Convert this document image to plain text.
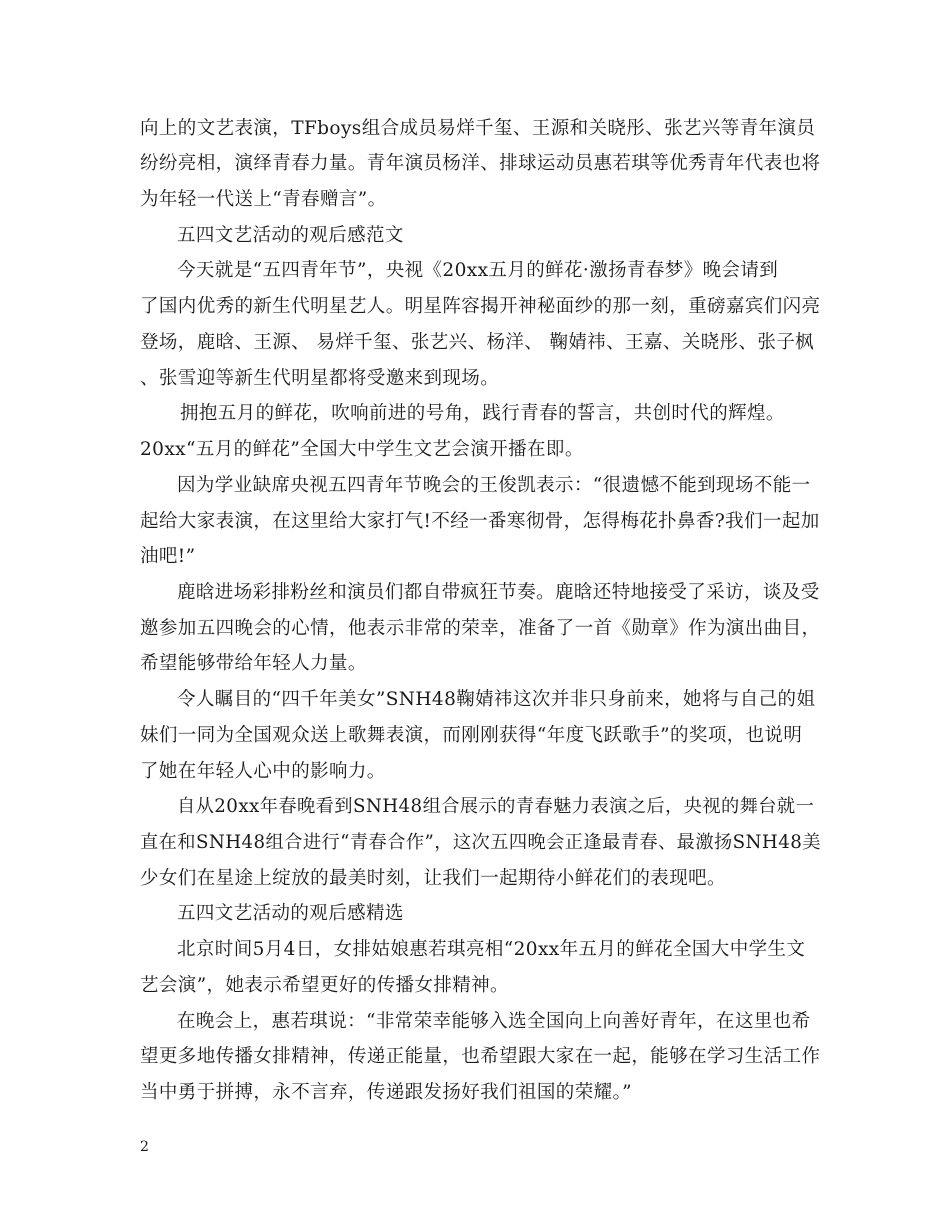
向上的文艺表演，TFboys组合成员易烊千玺、王源和关晓彤、张艺兴等青年演员
纷纷亮相，演绎青春力量。青年演员杨洋、排球运动员惠若琪等优秀青年代表也将
为年轻一代送上“青春赠言”。
五四文艺活动的观后感范文
今天就是“五四青年节”，央视《20xx五月的鲜花·激扬青春梦》晚会请到
了国内优秀的新生代明星艺人。明星阵容揭开神秘面纱的那一刻，重磅嘉宾们闪亮
登场，鹿晗、王源、 易烊千玺、张艺兴、杨洋、 鞠婧祎、王嘉、关晓彤、张子枫
、张雪迎等新生代明星都将受邀来到现场。
拥抱五月的鲜花，吹响前进的号角，践行青春的誓言，共创时代的辉煌。
20xx“五月的鲜花”全国大中学生文艺会演开播在即。
因为学业缺席央视五四青年节晚会的王俊凯表示：“很遗憾不能到现场不能一
起给大家表演，在这里给大家打气!不经一番寒彻骨，怎得梅花扑鼻香?我们一起加
油吧!”
鹿晗进场彩排粉丝和演员们都自带疯狂节奏。鹿晗还特地接受了采访，谈及受
邀参加五四晚会的心情，他表示非常的荣幸，准备了一首《勋章》作为演出曲目，
希望能够带给年轻人力量。
令人瞩目的“四千年美女”SNH48鞠婧祎这次并非只身前来，她将与自己的姐
妹们一同为全国观众送上歌舞表演，而刚刚获得“年度飞跃歌手”的奖项，也说明
了她在年轻人心中的影响力。
自从20xx年春晚看到SNH48组合展示的青春魅力表演之后，央视的舞台就一
直在和SNH48组合进行“青春合作”，这次五四晚会正逢最青春、最激扬SNH48美
少女们在星途上绽放的最美时刻，让我们一起期待小鲜花们的表现吧。
五四文艺活动的观后感精选
北京时间5月4日，女排姑娘惠若琪亮相“20xx年五月的鲜花全国大中学生文
艺会演”，她表示希望更好的传播女排精神。
在晚会上，惠若琪说：“非常荣幸能够入选全国向上向善好青年，在这里也希
望更多地传播女排精神，传递正能量，也希望跟大家在一起，能够在学习生活工作
当中勇于拼搏，永不言弃，传递跟发扬好我们祖国的荣耀。”
2
